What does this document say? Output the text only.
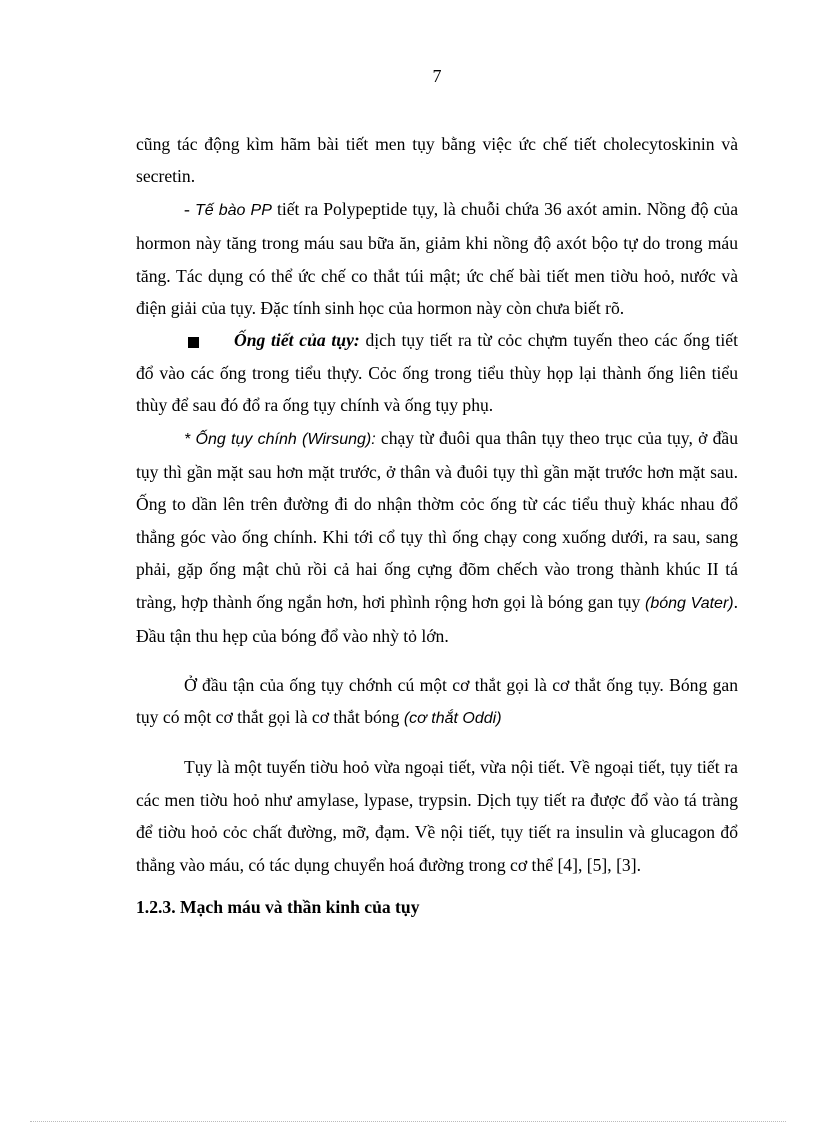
7

cũng tác động kìm hãm bài tiết men tụy bằng việc ức chế tiết cholecytoskinin và secretin.

- Tế bào PP tiết ra Polypeptide tụy, là chuỗi chứa 36 axót amin. Nồng độ của hormon này tăng trong máu sau bữa ăn, giảm khi nồng độ axót bộo tự do trong máu tăng. Tác dụng có thể ức chế co thắt túi mật; ức chế bài tiết men tiờu hoỏ, nước và điện giải của tụy. Đặc tính sinh học của hormon này còn chưa biết rõ.

Ống tiết của tụy: dịch tụy tiết ra từ cỏc chựm tuyến theo các ống tiết đổ vào các ống trong tiểu thựy. Cỏc ống trong tiểu thùy họp lại thành ống liên tiểu thùy để sau đó đổ ra ống tụy chính và ống tụy phụ.

* Ống tụy chính (Wirsung): chạy từ đuôi qua thân tụy theo trục của tụy, ở đầu tụy thì gần mặt sau hơn mặt trước, ở thân và đuôi tụy thì gần mặt trước hơn mặt sau. Ống to dần lên trên đường đi do nhận thờm cỏc ống từ các tiểu thuỳ khác nhau đổ thẳng góc vào ống chính. Khi tới cổ tụy thì ống chạy cong xuống dưới, ra sau, sang phải, gặp ống mật chủ rồi cả hai ống cựng đõm chếch vào trong thành khúc II tá tràng, hợp thành ống ngắn hơn, hơi phình rộng hơn gọi là bóng gan tụy (bóng Vater). Đầu tận thu hẹp của bóng đổ vào nhỳ tỏ lớn.

Ở đầu tận của ống tụy chớnh cú một cơ thắt gọi là cơ thắt ống tụy. Bóng gan tụy có một cơ thắt gọi là cơ thắt bóng (cơ thắt Oddi)

Tụy là một tuyến tiờu hoỏ vừa ngoại tiết, vừa nội tiết. Về ngoại tiết, tụy tiết ra các men tiờu hoỏ như amylase, lypase, trypsin. Dịch tụy tiết ra được đổ vào tá tràng để tiờu hoỏ cỏc chất đường, mỡ, đạm. Về nội tiết, tụy tiết ra insulin và glucagon đổ thẳng vào máu, có tác dụng chuyển hoá đường trong cơ thể [4], [5], [3].

1.2.3. Mạch máu và thần kinh của tụy
